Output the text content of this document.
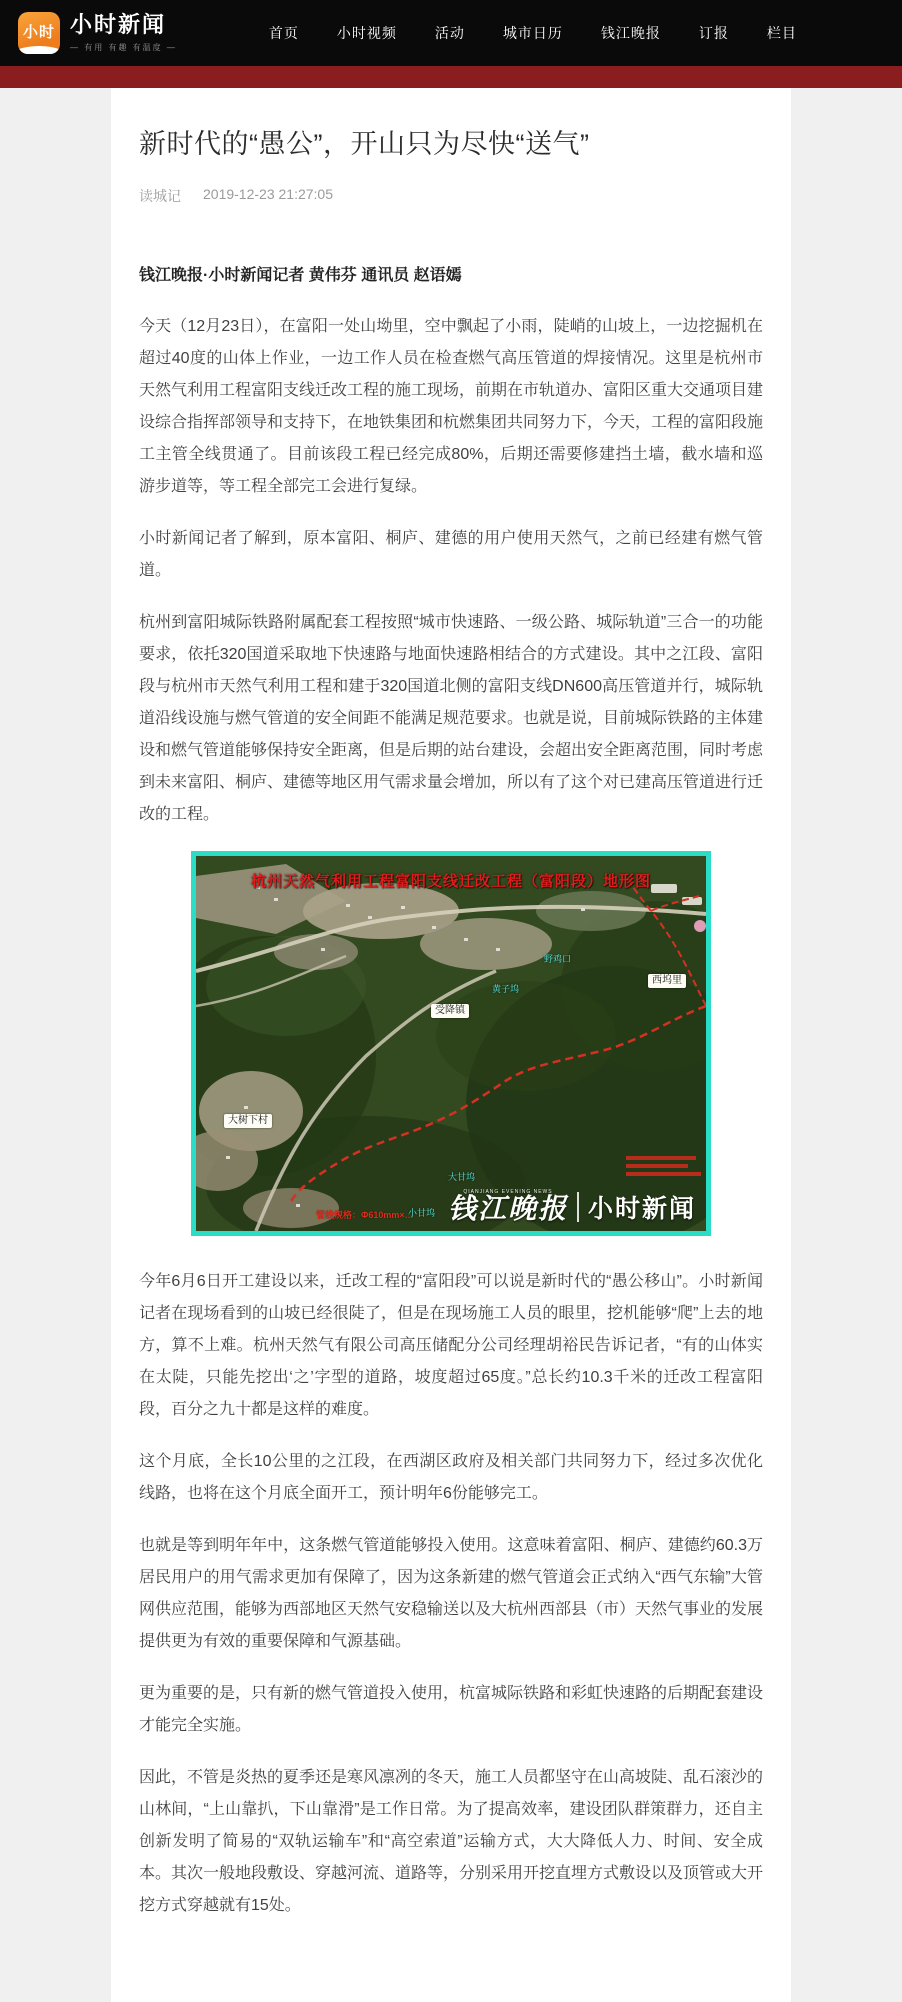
小时 小时新闻
— 有用 有趣 有温度 —
首页	小时视频	活动	城市日历	钱江晚报	订报	栏目
新时代的“愚公”，开山只为尽快“送气”
读城记 2019-12-23 21:27:05

钱江晚报·小时新闻记者 黄伟芬 通讯员 赵语嫣

今天（12月23日），在富阳一处山坳里，空中飘起了小雨，陡峭的山坡上，一边挖掘机在超过40度的山体上作业，一边工作人员在检查燃气高压管道的焊接情况。这里是杭州市天然气利用工程富阳支线迁改工程的施工现场，前期在市轨道办、富阳区重大交通项目建设综合指挥部领导和支持下，在地铁集团和杭燃集团共同努力下，今天，工程的富阳段施工主管全线贯通了。目前该段工程已经完成80%，后期还需要修建挡土墙，截水墙和巡游步道等，等工程全部完工会进行复绿。

小时新闻记者了解到，原本富阳、桐庐、建德的用户使用天然气，之前已经建有燃气管道。

杭州到富阳城际铁路附属配套工程按照“城市快速路、一级公路、城际轨道”三合一的功能要求，依托320国道采取地下快速路与地面快速路相结合的方式建设。其中之江段、富阳段与杭州市天然气利用工程和建于320国道北侧的富阳支线DN600高压管道并行，城际轨道沿线设施与燃气管道的安全间距不能满足规范要求。也就是说，目前城际铁路的主体建设和燃气管道能够保持安全距离，但是后期的站台建设，会超出安全距离范围，同时考虑到未来富阳、桐庐、建德等地区用气需求量会增加，所以有了这个对已建高压管道进行迁改的工程。

杭州天然气利用工程富阳支线迁改工程（富阳段）地形图
受降镇
大树下村
西坞里
黄子坞
野鸡口
大甘坞
小甘坞
管线规格：Φ610mm×…
QIANJIANG EVENING NEWS
钱江晚报 小时新闻

今年6月6日开工建设以来，迁改工程的“富阳段”可以说是新时代的“愚公移山”。小时新闻记者在现场看到的山坡已经很陡了，但是在现场施工人员的眼里，挖机能够“爬”上去的地方，算不上难。杭州天然气有限公司高压储配分公司经理胡裕民告诉记者，“有的山体实在太陡，只能先挖出‘之’字型的道路，坡度超过65度。”总长约10.3千米的迁改工程富阳段，百分之九十都是这样的难度。

这个月底，全长10公里的之江段，在西湖区政府及相关部门共同努力下，经过多次优化线路，也将在这个月底全面开工，预计明年6份能够完工。

也就是等到明年年中，这条燃气管道能够投入使用。这意味着富阳、桐庐、建德约60.3万居民用户的用气需求更加有保障了，因为这条新建的燃气管道会正式纳入“西气东输”大管网供应范围，能够为西部地区天然气安稳输送以及大杭州西部县（市）天然气事业的发展提供更为有效的重要保障和气源基础。

更为重要的是，只有新的燃气管道投入使用，杭富城际铁路和彩虹快速路的后期配套建设才能完全实施。

因此，不管是炎热的夏季还是寒风凛冽的冬天，施工人员都坚守在山高坡陡、乱石滚沙的山林间，“上山靠扒，下山靠滑”是工作日常。为了提高效率，建设团队群策群力，还自主创新发明了简易的“双轨运输车”和“高空索道”运输方式，大大降低人力、时间、安全成本。其次一般地段敷设、穿越河流、道路等，分别采用开挖直埋方式敷设以及顶管或大开挖方式穿越就有15处。
